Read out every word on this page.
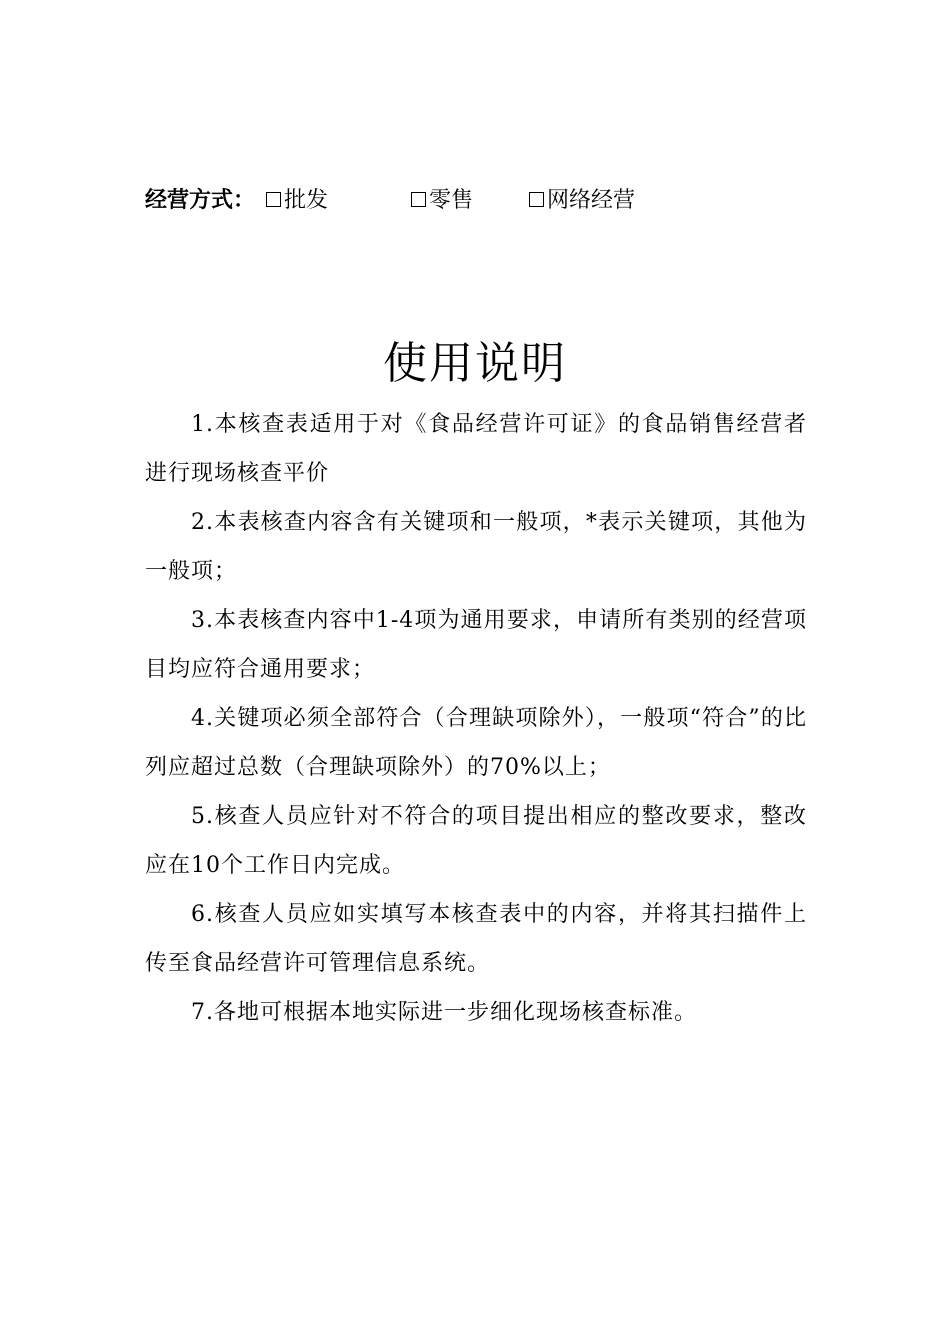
经营方式：	批发	零售	网络经营
使用说明
1.本核查表适用于对《食品经营许可证》的食品销售经营者进行现场核查平价
2.本表核查内容含有关键项和一般项，*表示关键项，其他为一般项；
3.本表核查内容中1-4项为通用要求，申请所有类别的经营项目均应符合通用要求；
4.关键项必须全部符合（合理缺项除外），一般项“符合”的比列应超过总数（合理缺项除外）的70%以上；
5.核查人员应针对不符合的项目提出相应的整改要求，整改应在10个工作日内完成。
6.核查人员应如实填写本核查表中的内容，并将其扫描件上传至食品经营许可管理信息系统。
7.各地可根据本地实际进一步细化现场核查标准。
